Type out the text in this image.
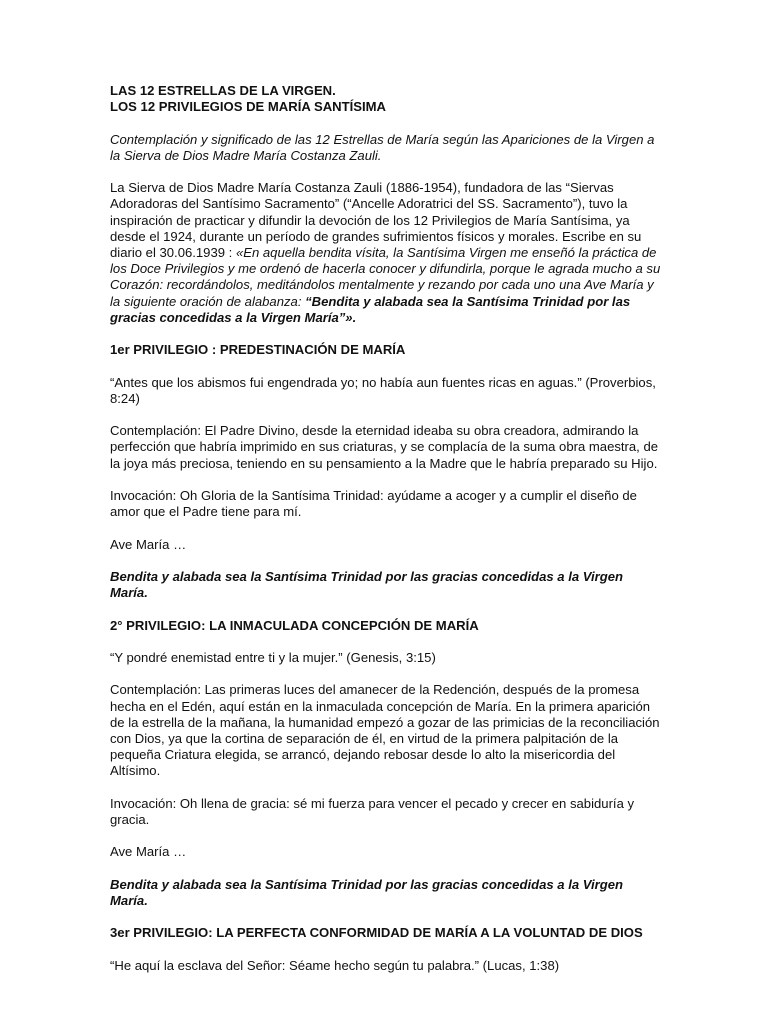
LAS 12 ESTRELLAS DE LA VIRGEN.
LOS 12 PRIVILEGIOS DE MARÍA SANTÍSIMA

Contemplación y significado de las 12 Estrellas de María según las Apariciones de la Virgen a la Sierva de Dios Madre María Costanza Zauli.

La Sierva de Dios Madre María Costanza Zauli (1886-1954), fundadora de las “Siervas Adoradoras del Santísimo Sacramento” (“Ancelle Adoratrici del SS. Sacramento”), tuvo la inspiración de practicar y difundir la devoción de los 12 Privilegios de María Santísima, ya desde el 1924, durante un período de grandes sufrimientos físicos y morales. Escribe en su diario el 30.06.1939 : «En aquella bendita vísita, la Santísima Virgen me enseñó la práctica de los Doce Privilegios y me ordenó de hacerla conocer y difundirla, porque le agrada mucho a su Corazón: recordándolos, meditándolos mentalmente y rezando por cada uno una Ave María y la siguiente oración de alabanza: “Bendita y alabada sea la Santísima Trinidad por las gracias concedidas a la Virgen María”».

1er PRIVILEGIO : PREDESTINACIÓN DE MARÍA

“Antes que los abismos fui engendrada yo; no había aun fuentes ricas en aguas.” (Proverbios, 8:24)

Contemplación: El Padre Divino, desde la eternidad ideaba su obra creadora, admirando la perfección que habría imprimido en sus criaturas, y se complacía de la suma obra maestra, de la joya más preciosa, teniendo en su pensamiento a la Madre que le habría preparado su Hijo.

Invocación: Oh Gloria de la Santísima Trinidad: ayúdame a acoger y a cumplir el diseño de amor que el Padre tiene para mí.

Ave María …

Bendita y alabada sea la Santísima Trinidad por las gracias concedidas a la Virgen María.

2° PRIVILEGIO: LA INMACULADA CONCEPCIÓN DE MARÍA

“Y pondré enemistad entre ti y la mujer.” (Genesis, 3:15)

Contemplación: Las primeras luces del amanecer de la Redención, después de la promesa hecha en el Edén, aquí están en la inmaculada concepción de María. En la primera aparición de la estrella de la mañana, la humanidad empezó a gozar de las primicias de la reconciliación con Dios, ya que la cortina de separación de él, en virtud de la primera palpitación de la pequeña Criatura elegida, se arrancó, dejando rebosar desde lo alto la misericordia del Altísimo.

Invocación: Oh llena de gracia: sé mi fuerza para vencer el pecado y crecer en sabiduría y gracia.

Ave María …

Bendita y alabada sea la Santísima Trinidad por las gracias concedidas a la Virgen María.

3er PRIVILEGIO: LA PERFECTA CONFORMIDAD DE MARÍA A LA VOLUNTAD DE DIOS

“He aquí la esclava del Señor: Séame hecho según tu palabra.” (Lucas, 1:38)
